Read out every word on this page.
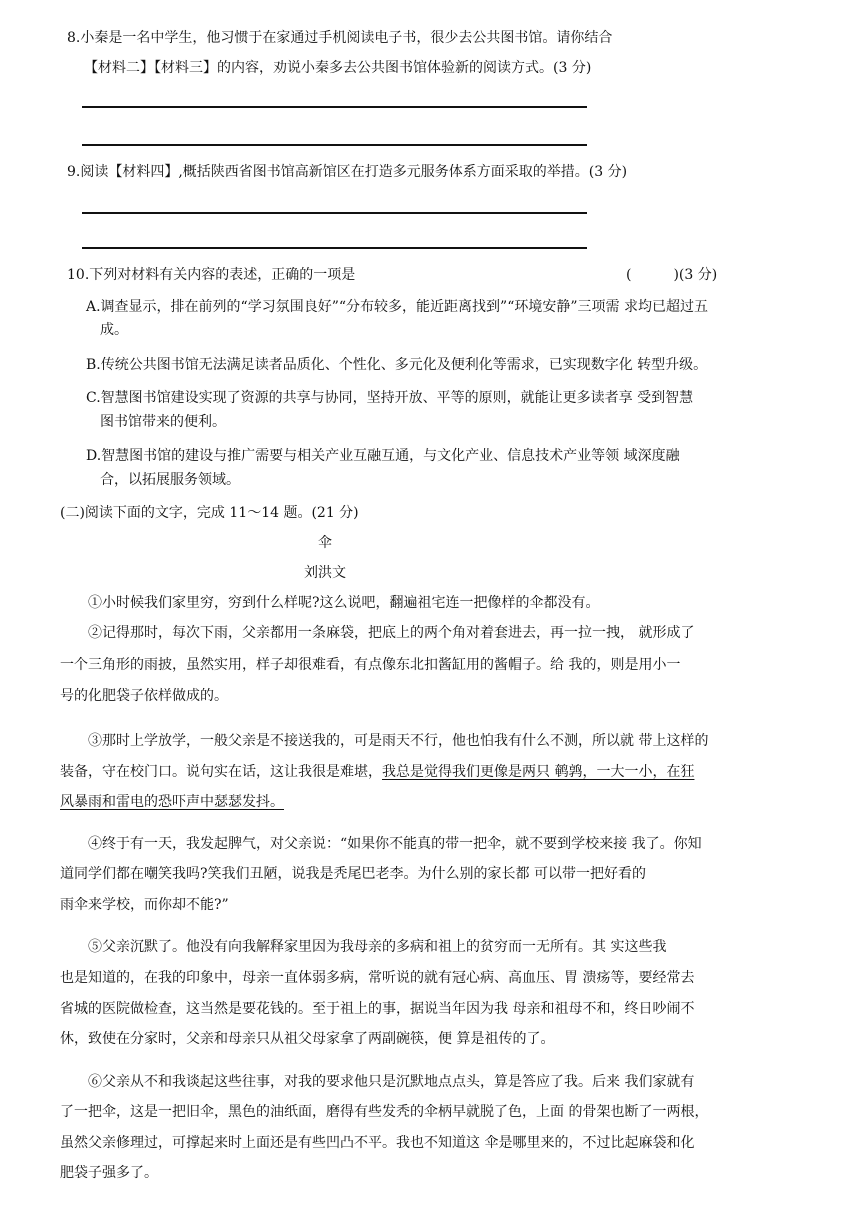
8.小秦是一名中学生，他习惯于在家通过手机阅读电子书，很少去公共图书馆。请你结合
【材料二】【材料三】的内容，劝说小秦多去公共图书馆体验新的阅读方式。(3 分)
9.阅读【材料四】,概括陕西省图书馆高新馆区在打造多元服务体系方面采取的举措。(3 分)
10.下列对材料有关内容的表述，正确的一项是	(　　　)(3 分)
A.调查显示，排在前列的“学习氛围良好”“分布较多，能近距离找到”“环境安静”三项需 求均已超过五
成。
B.传统公共图书馆无法满足读者品质化、个性化、多元化及便利化等需求，已实现数字化 转型升级。
C.智慧图书馆建设实现了资源的共享与协同，坚持开放、平等的原则，就能让更多读者享 受到智慧
图书馆带来的便利。
D.智慧图书馆的建设与推广需要与相关产业互融互通，与文化产业、信息技术产业等领 域深度融
合，以拓展服务领域。
(二)阅读下面的文字，完成 11～14 题。(21 分)
伞
刘洪文
①小时候我们家里穷，穷到什么样呢?这么说吧，翻遍祖宅连一把像样的伞都没有。
②记得那时，每次下雨，父亲都用一条麻袋，把底上的两个角对着套进去，再一拉一拽， 就形成了
一个三角形的雨披，虽然实用，样子却很难看，有点像东北扣酱缸用的酱帽子。给 我的，则是用小一
号的化肥袋子依样做成的。
③那时上学放学，一般父亲是不接送我的，可是雨天不行，他也怕我有什么不测，所以就 带上这样的
装备，守在校门口。说句实在话，这让我很是难堪，我总是觉得我们更像是两只 鹌鹑，一大一小，在狂
风暴雨和雷电的恐吓声中瑟瑟发抖。
④终于有一天，我发起脾气，对父亲说：“如果你不能真的带一把伞，就不要到学校来接 我了。你知
道同学们都在嘲笑我吗?笑我们丑陋，说我是秃尾巴老李。为什么别的家长都 可以带一把好看的
雨伞来学校，而你却不能?”
⑤父亲沉默了。他没有向我解释家里因为我母亲的多病和祖上的贫穷而一无所有。其 实这些我
也是知道的，在我的印象中，母亲一直体弱多病，常听说的就有冠心病、高血压、胃 溃疡等，要经常去
省城的医院做检查，这当然是要花钱的。至于祖上的事，据说当年因为我 母亲和祖母不和，终日吵闹不
休，致使在分家时，父亲和母亲只从祖父母家拿了两副碗筷，便 算是祖传的了。
⑥父亲从不和我谈起这些往事，对我的要求他只是沉默地点点头，算是答应了我。后来 我们家就有
了一把伞，这是一把旧伞，黑色的油纸面，磨得有些发秃的伞柄早就脱了色，上面 的骨架也断了一两根，
虽然父亲修理过，可撑起来时上面还是有些凹凸不平。我也不知道这 伞是哪里来的，不过比起麻袋和化
肥袋子强多了。
